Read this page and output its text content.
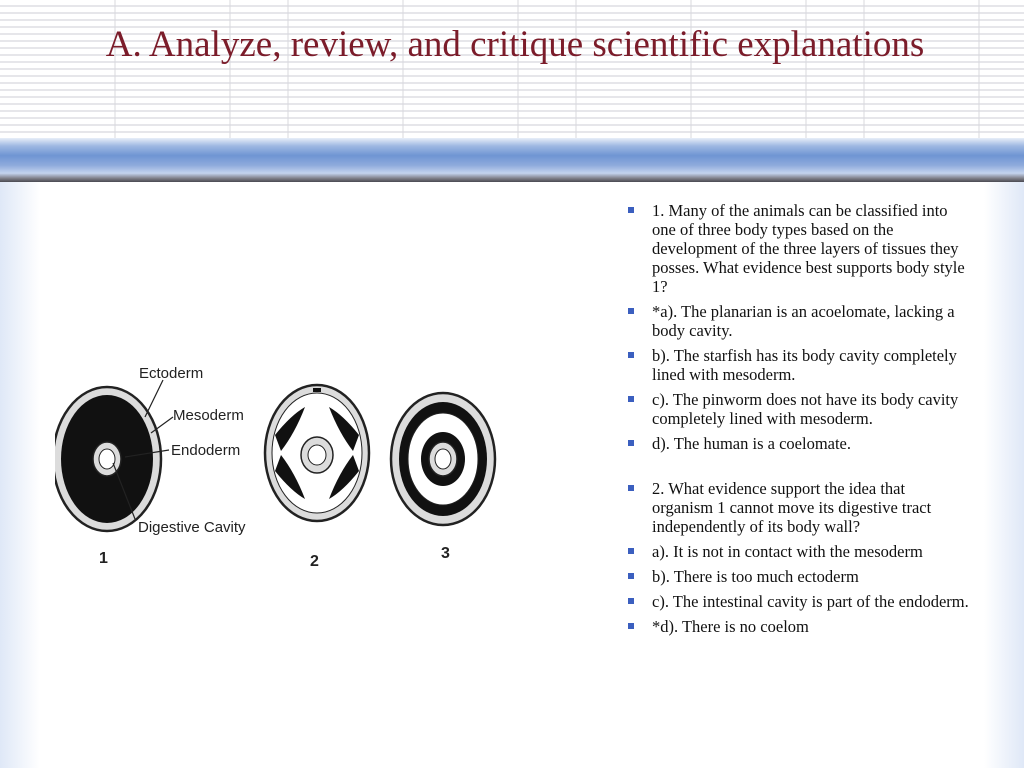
A. Analyze, review, and critique scientific explanations
Ectoderm
Mesoderm
Endoderm
Digestive Cavity
1	2	3
1. Many of the animals can be classified into one of three body types based on the development of the three layers of tissues they posses. What evidence best supports body style 1?
*a). The planarian is an acoelomate, lacking a body cavity.
b). The starfish has its body cavity completely lined with mesoderm.
c). The pinworm does not have its body cavity completely lined with mesoderm.
d). The human is a coelomate.
2. What evidence support the idea that organism 1 cannot move its digestive tract independently of its body wall?
a). It is not in contact with the mesoderm
b). There is too much ectoderm
c). The intestinal cavity is part of the endoderm.
*d). There is no coelom
